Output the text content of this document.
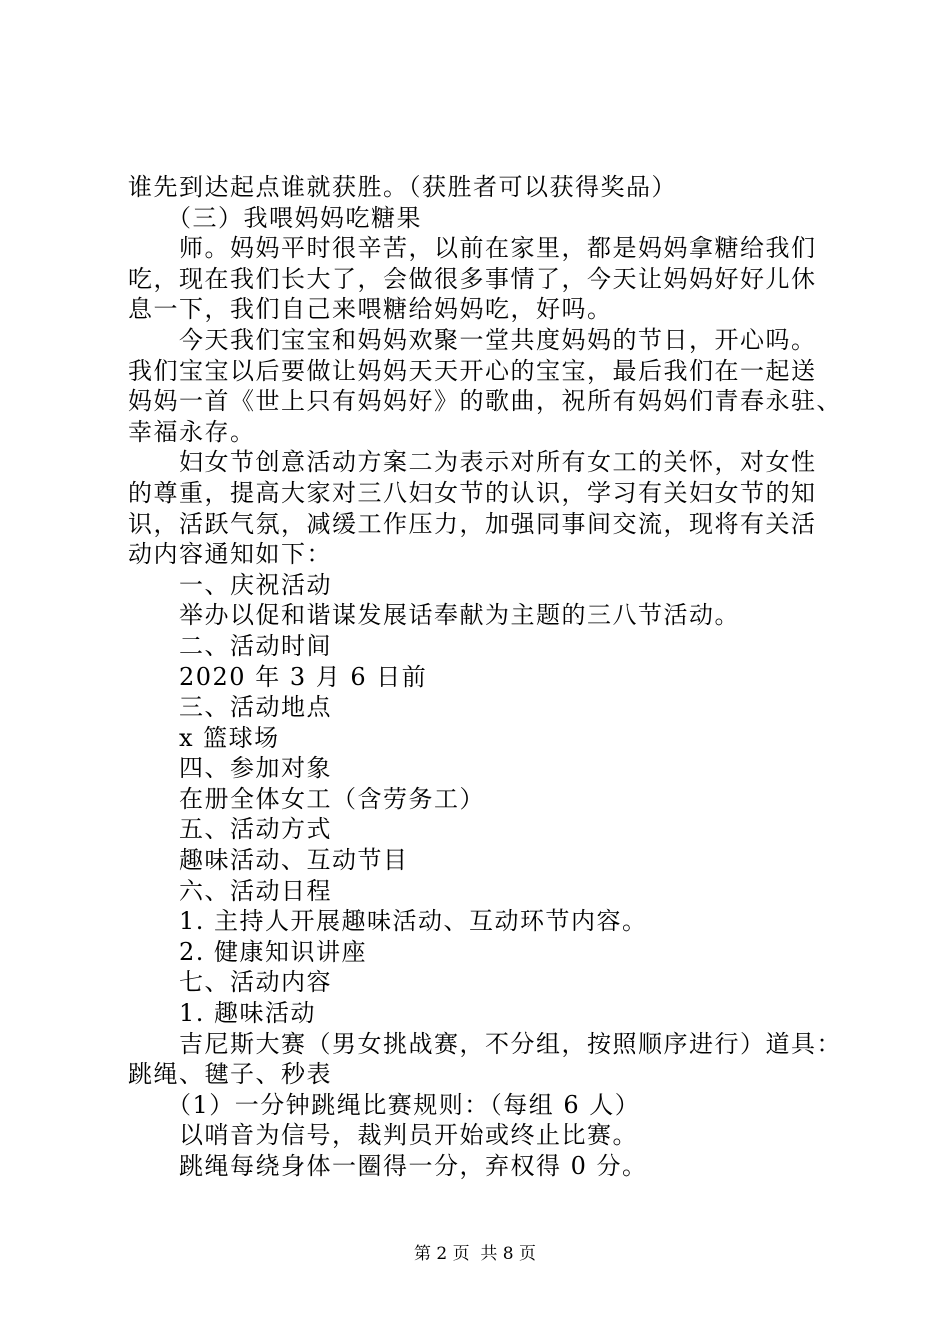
谁先到达起点谁就获胜。（获胜者可以获得奖品）
　　（三）我喂妈妈吃糖果
　　师。妈妈平时很辛苦，以前在家里，都是妈妈拿糖给我们
吃，现在我们长大了，会做很多事情了，今天让妈妈好好儿休
息一下，我们自己来喂糖给妈妈吃，好吗。
　　今天我们宝宝和妈妈欢聚一堂共度妈妈的节日，开心吗。
我们宝宝以后要做让妈妈天天开心的宝宝，最后我们在一起送
妈妈一首《世上只有妈妈好》的歌曲，祝所有妈妈们青春永驻、
幸福永存。
　　妇女节创意活动方案二为表示对所有女工的关怀，对女性
的尊重，提高大家对三八妇女节的认识，学习有关妇女节的知
识，活跃气氛，减缓工作压力，加强同事间交流，现将有关活
动内容通知如下：
　　一、庆祝活动
　　举办以促和谐谋发展话奉献为主题的三八节活动。
　　二、活动时间
　　2020 年 3 月 6 日前
　　三、活动地点
　　x 篮球场
　　四、参加对象
　　在册全体女工（含劳务工）
　　五、活动方式
　　趣味活动、互动节目
　　六、活动日程
　　1. 主持人开展趣味活动、互动环节内容。
　　2. 健康知识讲座
　　七、活动内容
　　1. 趣味活动
　　吉尼斯大赛（男女挑战赛，不分组，按照顺序进行）道具：
跳绳、毽子、秒表
　　（1）一分钟跳绳比赛规则：（每组 6 人）
　　以哨音为信号，裁判员开始或终止比赛。
　　跳绳每绕身体一圈得一分，弃权得 0 分。
第 2 页  共 8 页
